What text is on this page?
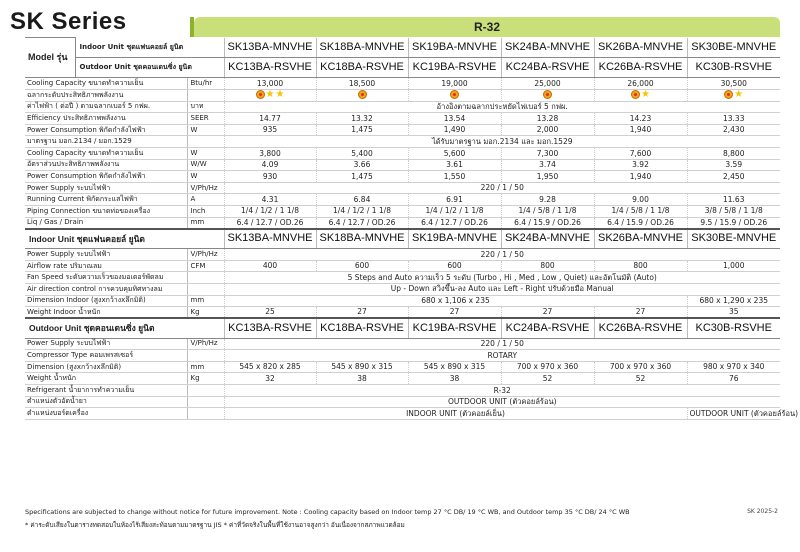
SK Series	R-32
Model รุ่น	Indoor Unit ชุดแฟนคอยล์ ยูนิต		SK13BA-MNVHE	SK18BA-MNVHE	SK19BA-MNVHE	SK24BA-MNVHE	SK26BA-MNVHE	SK30BE-MNVHE
	Outdoor Unit ชุดคอนเดนซิ่ง ยูนิต		KC13BA-RSVHE	KC18BA-RSVHE	KC19BA-RSVHE	KC24BA-RSVHE	KC26BA-RSVHE	KC30B-RSVHE
Cooling Capacity ขนาดทำความเย็น		Btu/hr	13,000	18,500	19,000	25,000	26,000	30,500
ฉลากระดับประสิทธิภาพพลังงาน			★ ★				★	★

ค่าไฟฟ้า ( ต่อปี ) ตามฉลากเบอร์ 5 กฟผ.		บาท	อ้างอิงตามฉลากประหยัดไฟเบอร์ 5 กฟผ.					
Efficiency ประสิทธิภาพพลังงาน		SEER	14.77	13.32	13.54	13.28	14.23	13.33
Power Consumption พิกัดกำลังไฟฟ้า		W	935	1,475	1,490	2,000	1,940	2,430
มาตรฐาน มอก.2134 / มอก.1529			ได้รับมาตรฐาน มอก.2134 และ มอก.1529					
Cooling Capacity ขนาดทำความเย็น		W	3,800	5,400	5,600	7,300	7,600	8,800
อัตราส่วนประสิทธิภาพพลังงาน		W/W	4.09	3.66	3.61	3.74	3.92	3.59
Power Consumption พิกัดกำลังไฟฟ้า		W	930	1,475	1,550	1,950	1,940	2,450
Power Supply ระบบไฟฟ้า		V/Ph/Hz	220 / 1 / 50					
Running Current พิกัดกระแสไฟฟ้า		A	4.31	6.84	6.91	9.28	9.00	11.63
Piping Connection ขนาดท่อของเครื่อง		Inch	1/4 / 1/2 / 1 1/8	1/4 / 1/2 / 1 1/8	1/4 / 1/2 / 1 1/8	1/4 / 5/8 / 1 1/8	1/4 / 5/8 / 1 1/8	3/8 / 5/8 / 1 1/8
Liq / Gas / Drain		mm	6.4 / 12.7 / OD.26	6.4 / 12.7 / OD.26	6.4 / 12.7 / OD.26	6.4 / 15.9 / OD.26	6.4 / 15.9 / OD.26	9.5 / 15.9 / OD.26
Indoor Unit ชุดแฟนคอยล์ ยูนิต			SK13BA-MNVHE	SK18BA-MNVHE	SK19BA-MNVHE	SK24BA-MNVHE	SK26BA-MNVHE	SK30BE-MNVHE
Power Supply ระบบไฟฟ้า		V/Ph/Hz	220 / 1 / 50					
Airflow rate ปริมาณลม		CFM	400	600	600	800	800	1,000
Fan Speed ระดับความเร็วของมอเตอร์พัดลม			5 Steps and Auto ความเร็ว 5 ระดับ (Turbo , Hi , Med , Low , Quiet) และอัตโนมัติ (Auto)					
Air direction control การควบคุมทิศทางลม			Up - Down สวิงขึ้น-ลง Auto และ Left - Right ปรับด้วยมือ Manual					
Dimension Indoor (สูงxกว้างxลึกมิติ)		mm	680 x 1,106 x 235					680 x 1,290 x 235
Weight Indoor น้ำหนัก		Kg	25	27	27	27	27	35
Outdoor Unit ชุดคอนเดนซิ่ง ยูนิต			KC13BA-RSVHE	KC18BA-RSVHE	KC19BA-RSVHE	KC24BA-RSVHE	KC26BA-RSVHE	KC30B-RSVHE
Power Supply ระบบไฟฟ้า		V/Ph/Hz	220 / 1 / 50					
Compressor Type คอมเพรสเซอร์			ROTARY					
Dimension (สูงxกว้างxลึกมิติ)		mm	545 x 820 x 285	545 x 890 x 315	545 x 890 x 315	700 x 970 x 360	700 x 970 x 360	980 x 970 x 340
Weight น้ำหนัก		Kg	32	38	38	52	52	76
Refrigerant น้ำยาการทำความเย็น			R-32					
ตำแหน่งตัวอัดน้ำยา			OUTDOOR UNIT (ตัวคอยล์ร้อน)					
ตำแหน่งบอร์ดเครื่อง			INDOOR UNIT (ตัวคอยล์เย็น)					OUTDOOR UNIT (ตัวคอยล์ร้อน)
Specifications are subjected to change without notice for future improvement. Note : Cooling capacity based on Indoor temp 27 °C DB/ 19 °C WB, and Outdoor temp 35 °C DB/ 24 °C WB
* ค่าระดับเสียงในตารางทดสอบในห้องไร้เสียงสะท้อนตามมาตรฐาน JIS * ค่าที่วัดจริงในพื้นที่ใช้งานอาจสูงกว่า อันเนื่องจากสภาพแวดล้อม
SK 2025-2
